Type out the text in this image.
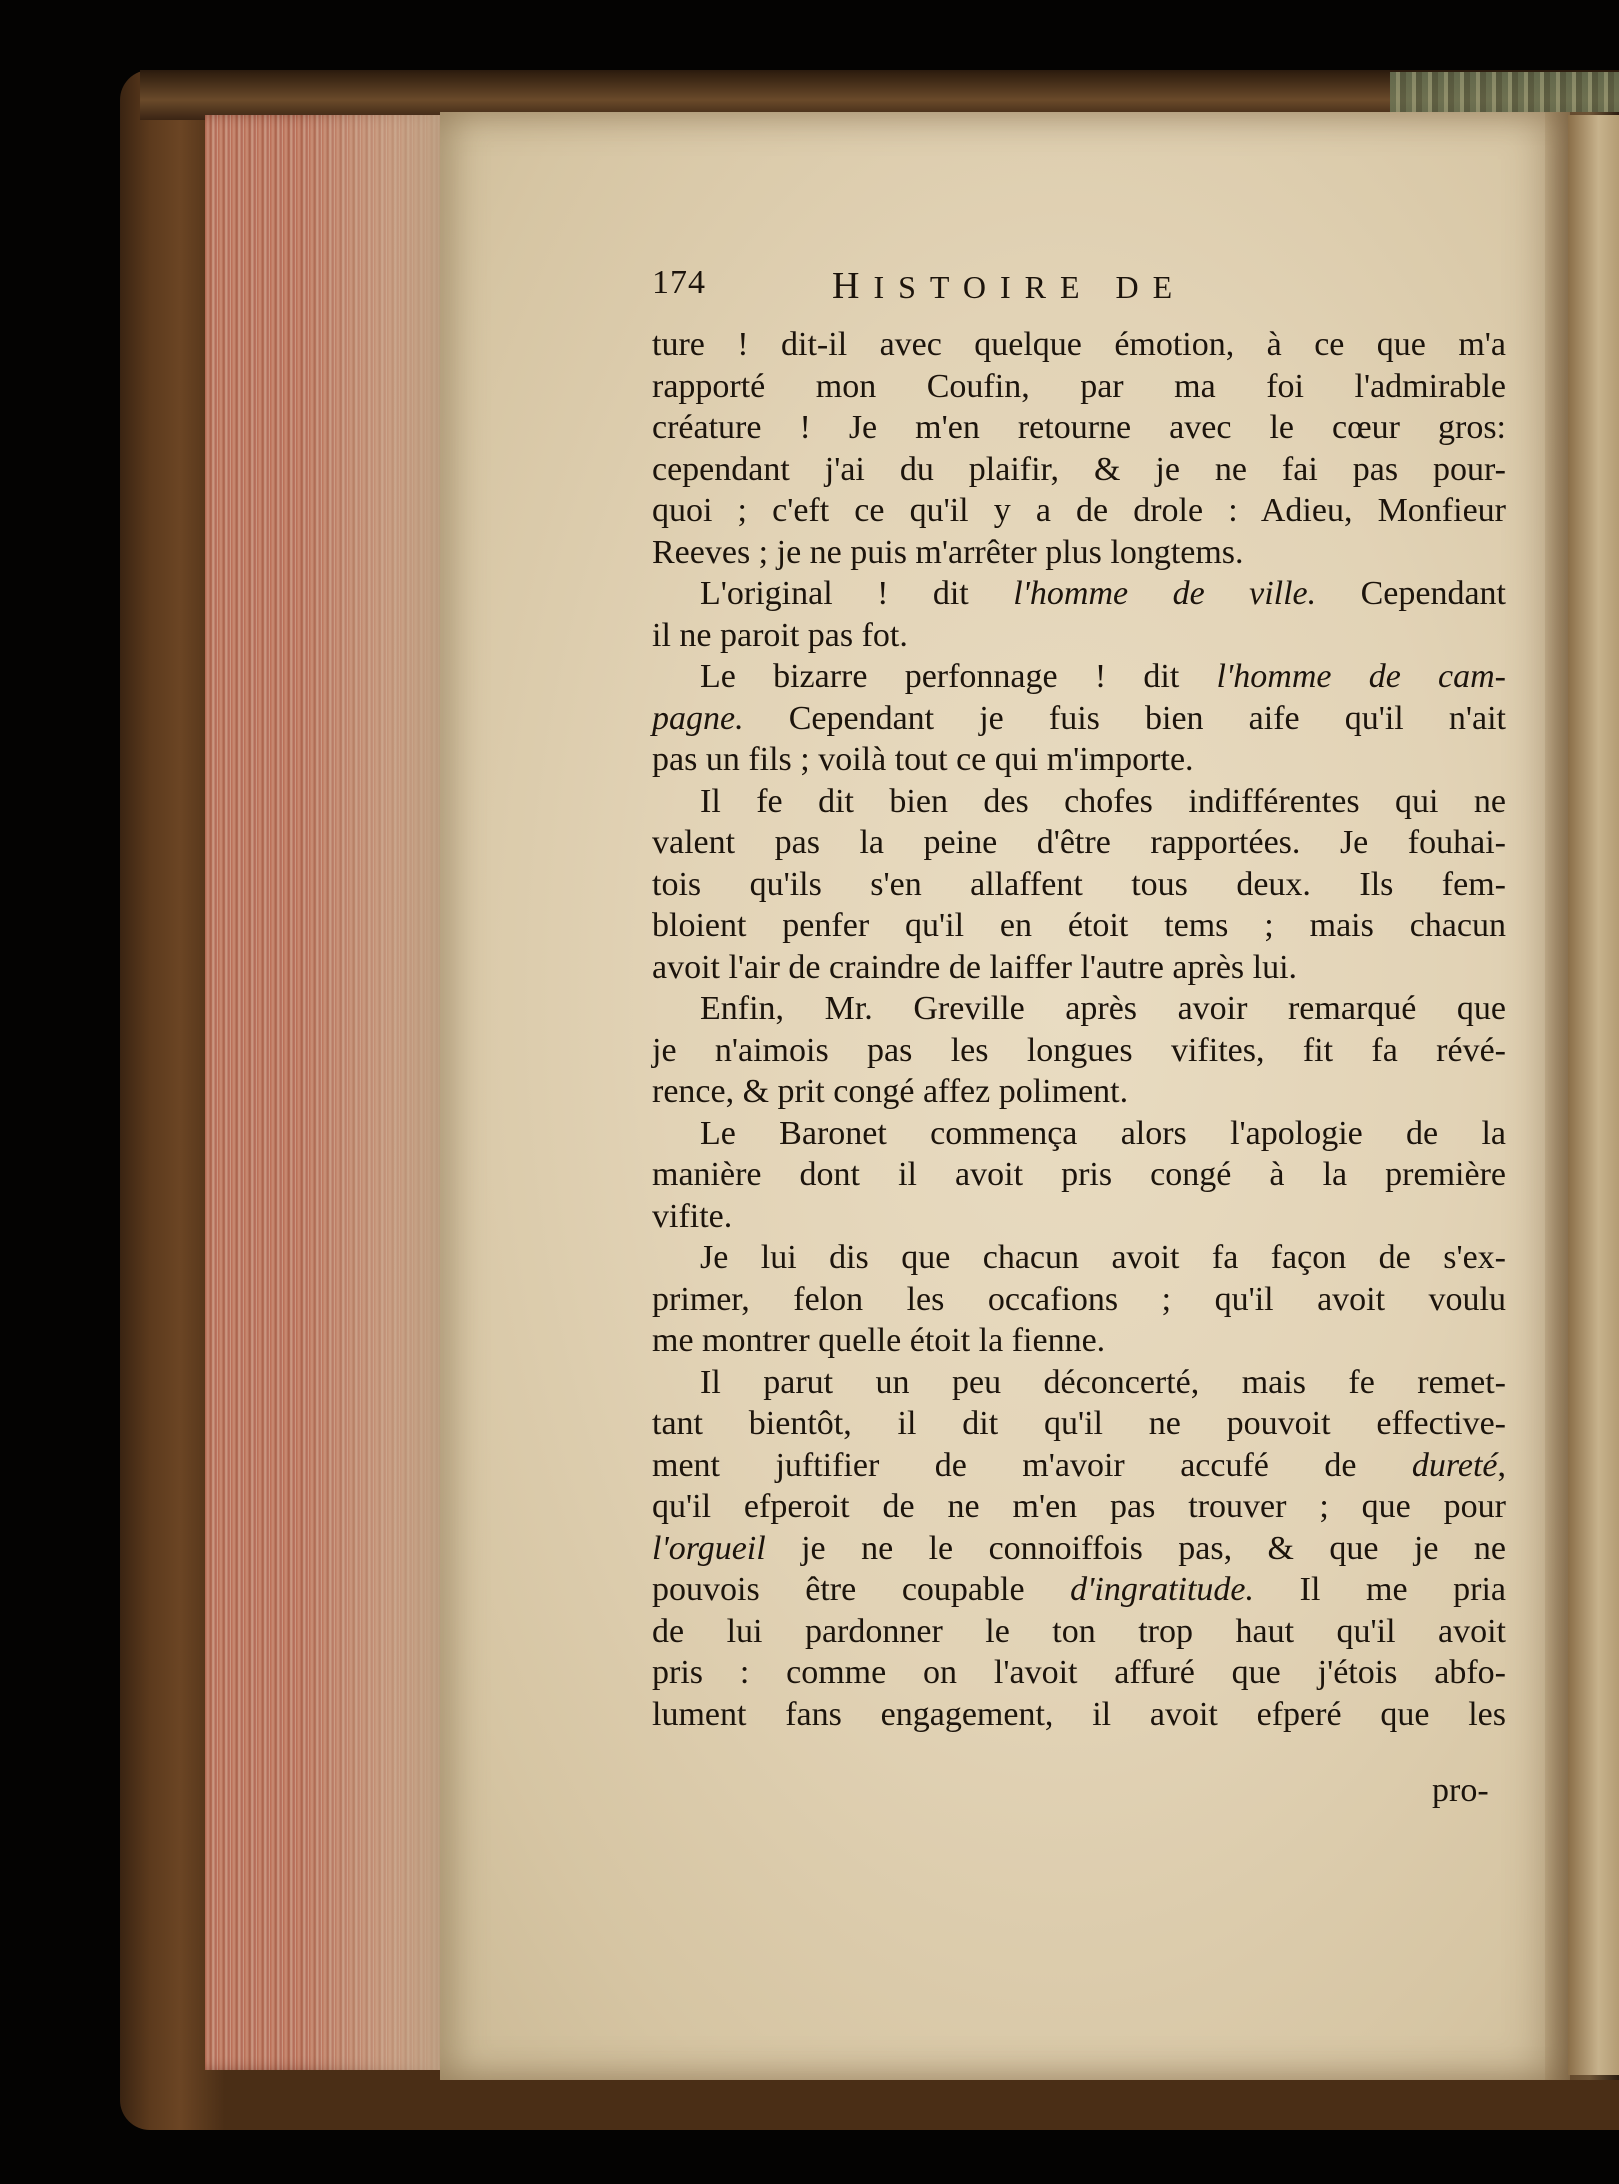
174	HISTOIRE DE
ture ! dit-il avec quelque émotion, à ce que m'a
rapporté mon Coufin, par ma foi l'admirable
créature ! Je m'en retourne avec le cœur gros:
cependant j'ai du plaifir, & je ne fai pas pour-
quoi ; c'eft ce qu'il y a de drole : Adieu, Monfieur
Reeves ; je ne puis m'arrêter plus longtems.
L'original ! dit l'homme de ville. Cependant
il ne paroit pas fot.
Le bizarre perfonnage ! dit l'homme de cam-
pagne. Cependant je fuis bien aife qu'il n'ait
pas un fils ; voilà tout ce qui m'importe.
Il fe dit bien des chofes indifférentes qui ne
valent pas la peine d'être rapportées. Je fouhai-
tois qu'ils s'en allaffent tous deux. Ils fem-
bloient penfer qu'il en étoit tems ; mais chacun
avoit l'air de craindre de laiffer l'autre après lui.
Enfin, Mr. Greville après avoir remarqué que
je n'aimois pas les longues vifites, fit fa révé-
rence, & prit congé affez poliment.
Le Baronet commença alors l'apologie de la
manière dont il avoit pris congé à la première
vifite.
Je lui dis que chacun avoit fa façon de s'ex-
primer, felon les occafions ; qu'il avoit voulu
me montrer quelle étoit la fienne.
Il parut un peu déconcerté, mais fe remet-
tant bientôt, il dit qu'il ne pouvoit effective-
ment juftifier de m'avoir accufé de dureté,
qu'il efperoit de ne m'en pas trouver ; que pour
l'orgueil je ne le connoiffois pas, & que je ne
pouvois être coupable d'ingratitude. Il me pria
de lui pardonner le ton trop haut qu'il avoit
pris : comme on l'avoit affuré que j'étois abfo-
lument fans engagement, il avoit efperé que les
pro-
